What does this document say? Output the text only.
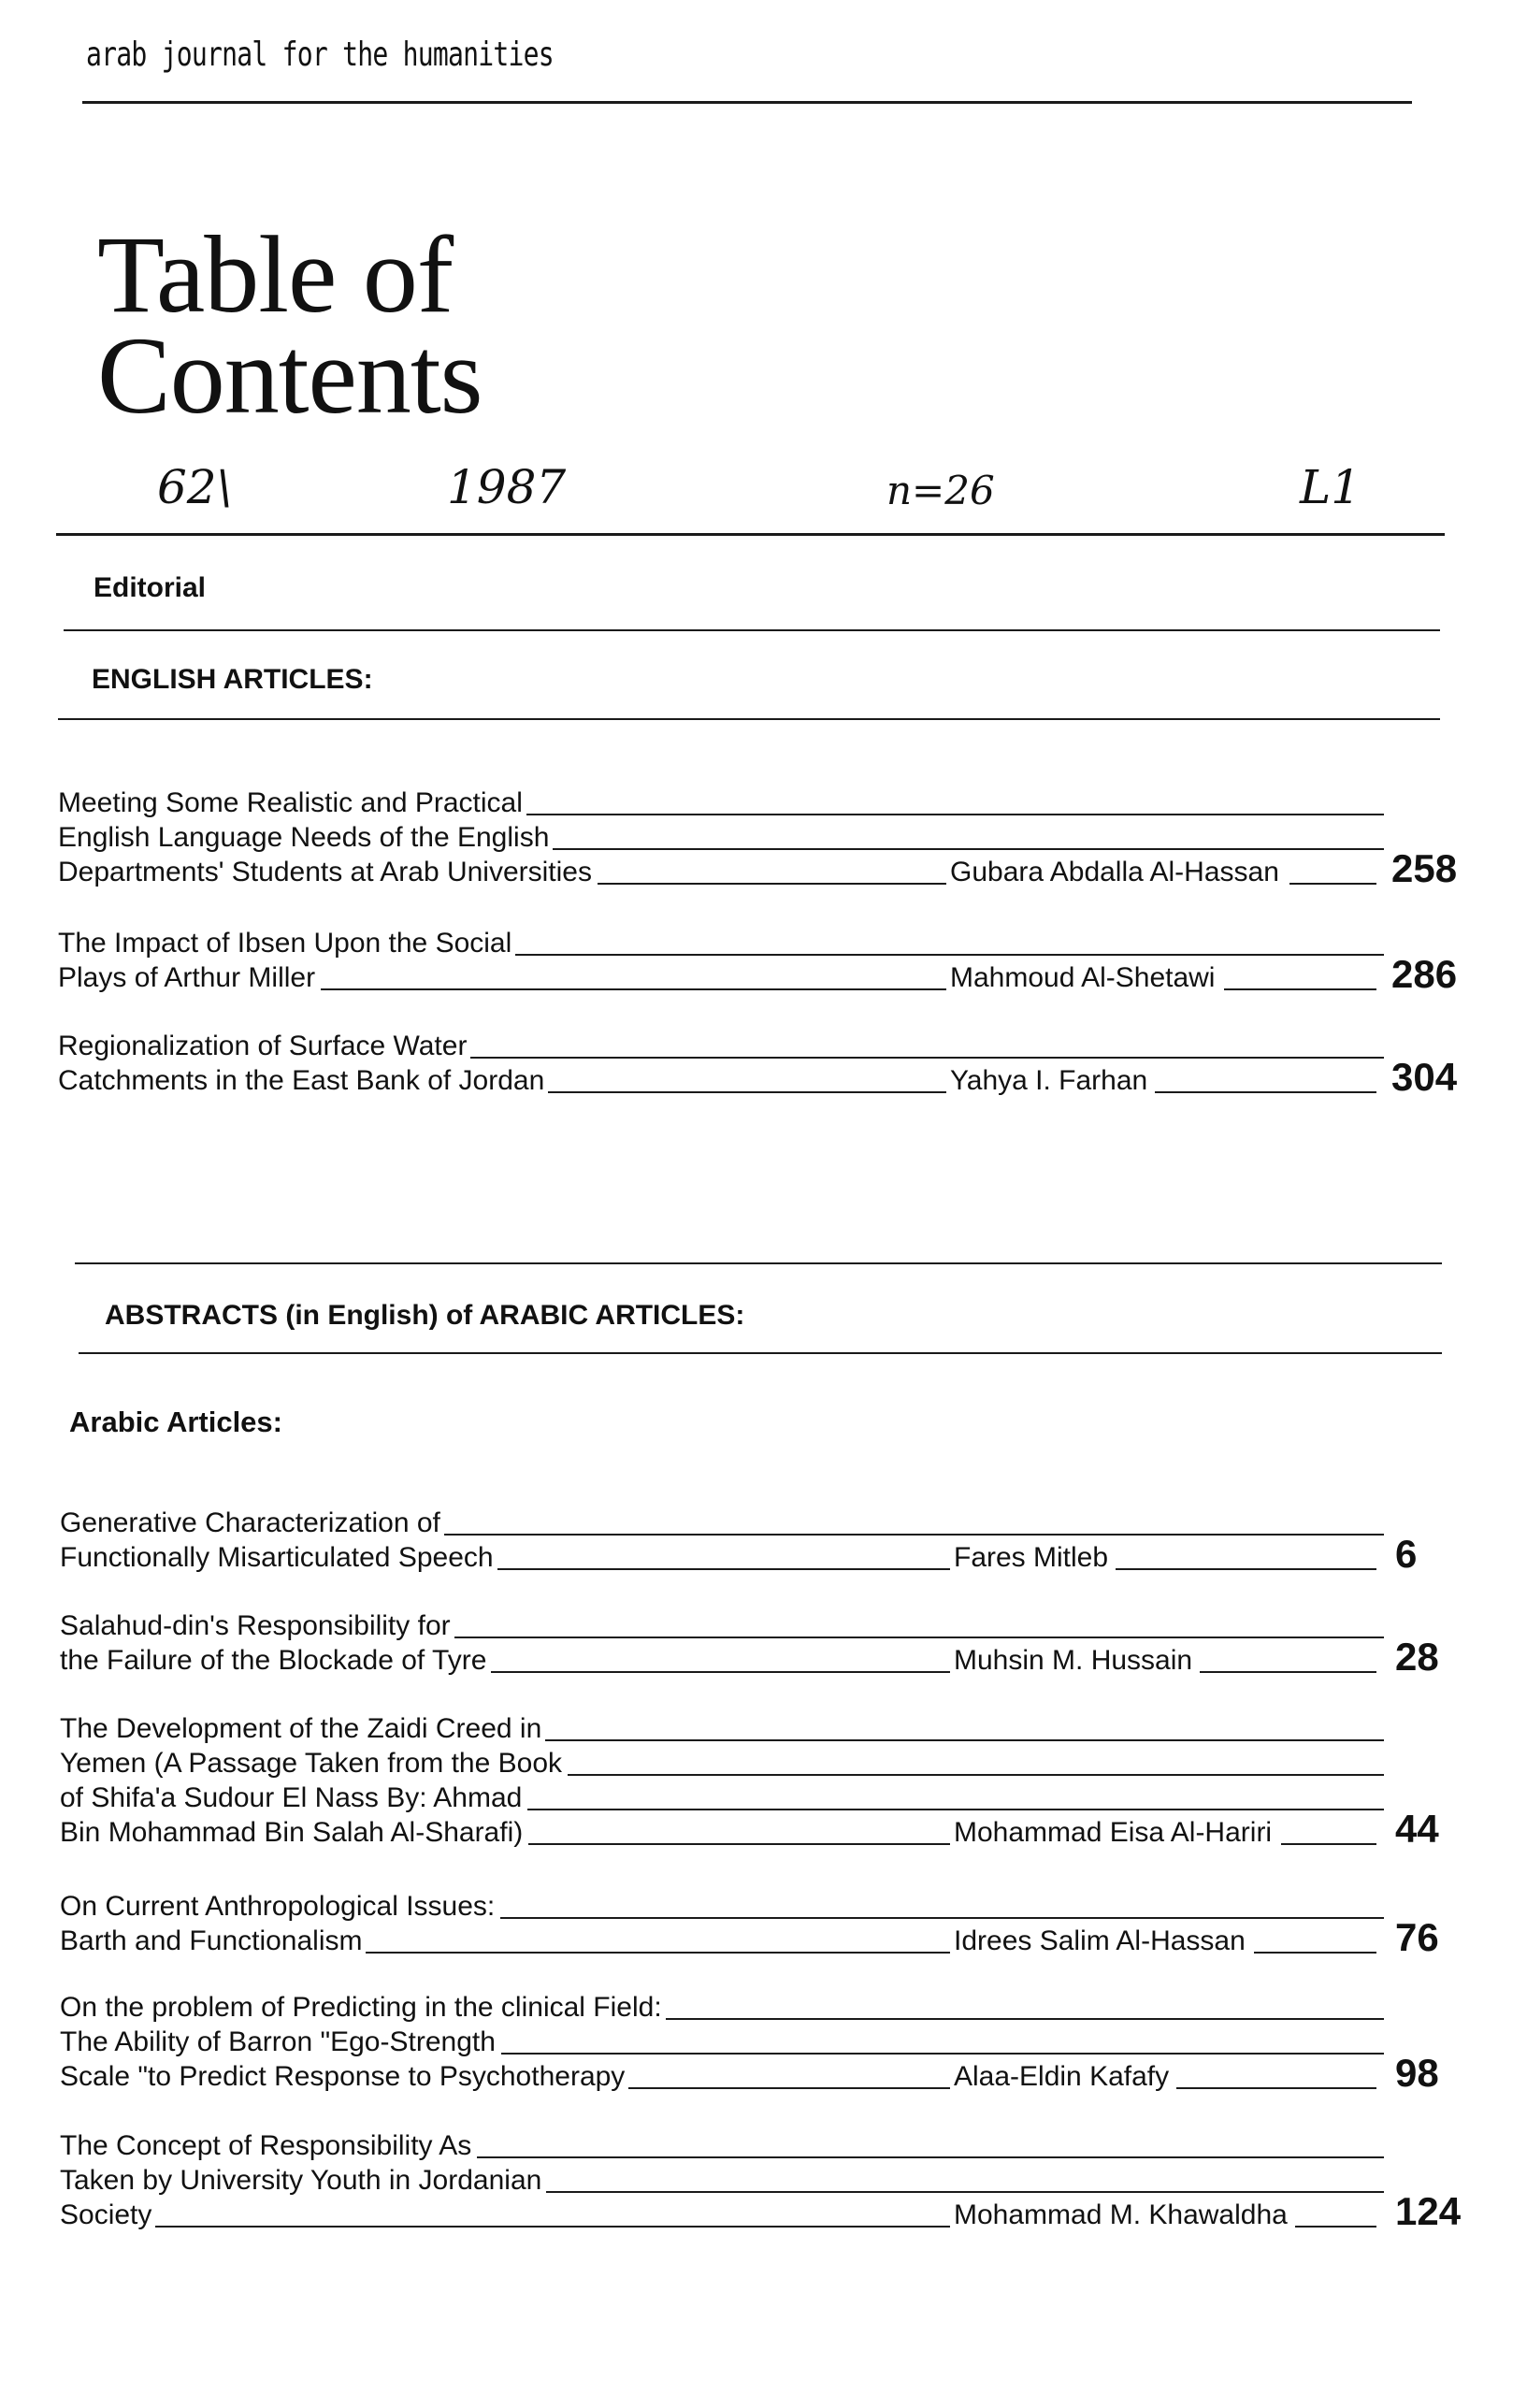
arab journal for the humanities
Table of
Contents
62\	1987	n=26	L1
Editorial
ENGLISH ARTICLES:
Meeting Some Realistic and Practical
English Language Needs of the English
Departments' Students at Arab Universities	Gubara Abdalla Al-Hassan	258
The Impact of Ibsen Upon the Social
Plays of Arthur Miller	Mahmoud Al-Shetawi	286
Regionalization of Surface Water
Catchments in the East Bank of Jordan	Yahya I. Farhan	304
ABSTRACTS (in English) of ARABIC ARTICLES:
Arabic Articles:
Generative Characterization of
Functionally Misarticulated Speech	Fares Mitleb	6
Salahud-din's Responsibility for
the Failure of the Blockade of Tyre	Muhsin M. Hussain	28
The Development of the Zaidi Creed in
Yemen (A Passage Taken from the Book
of Shifa'a Sudour El Nass By: Ahmad
Bin Mohammad Bin Salah Al-Sharafi)	Mohammad Eisa Al-Hariri	44
On Current Anthropological Issues:
Barth and Functionalism	Idrees Salim Al-Hassan	76
On the problem of Predicting in the clinical Field:
The Ability of Barron "Ego-Strength
Scale "to Predict Response to Psychotherapy	Alaa-Eldin Kafafy	98
The Concept of Responsibility As
Taken by University Youth in Jordanian
Society	Mohammad M. Khawaldha	124
